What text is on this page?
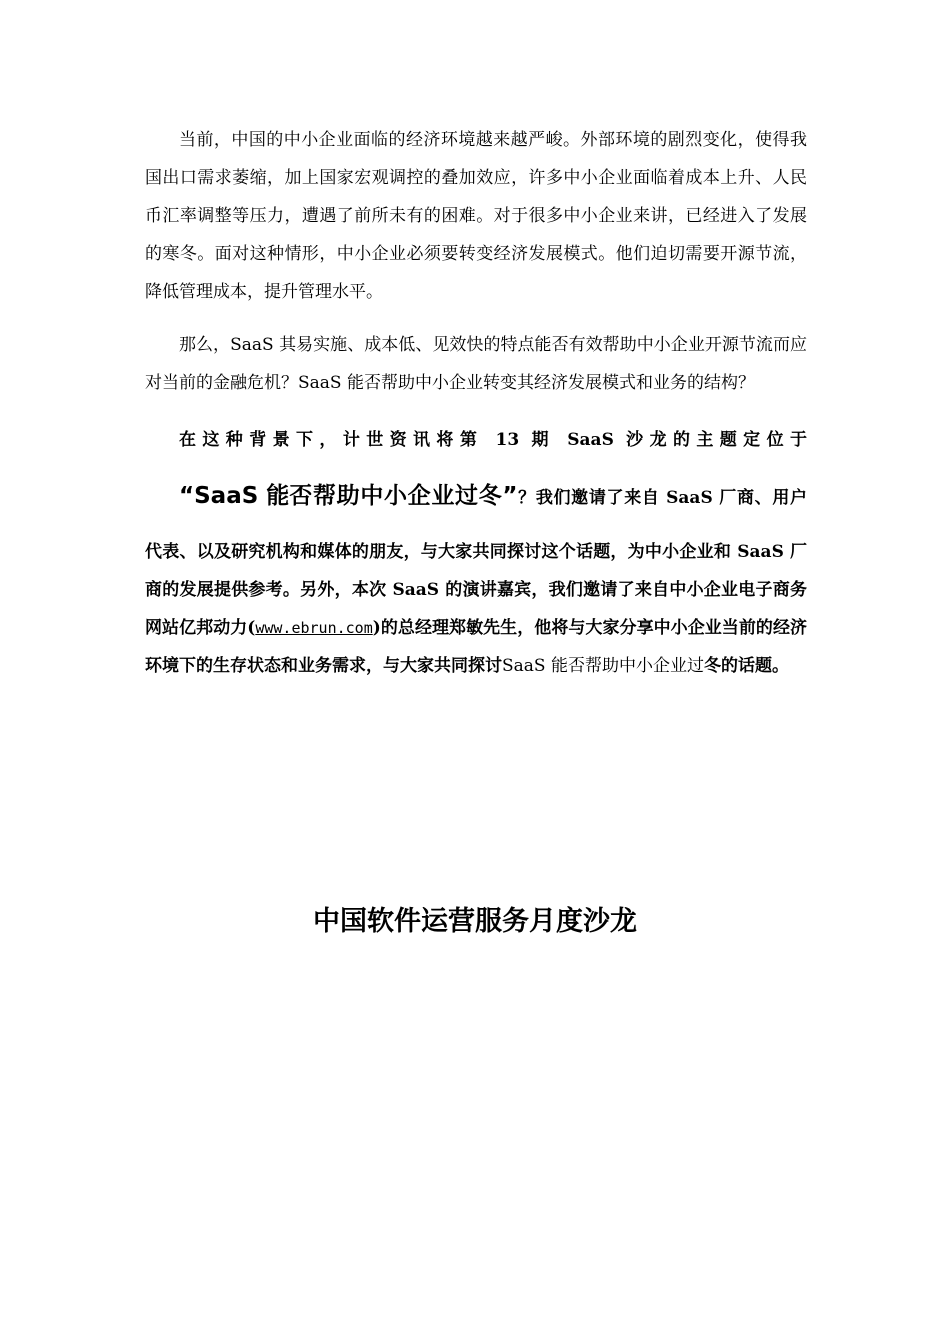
当前，中国的中小企业面临的经济环境越来越严峻。外部环境的剧烈变化，使得我国出口需求萎缩，加上国家宏观调控的叠加效应，许多中小企业面临着成本上升、人民币汇率调整等压力，遭遇了前所未有的困难。对于很多中小企业来讲，已经进入了发展的寒冬。面对这种情形，中小企业必须要转变经济发展模式。他们迫切需要开源节流，降低管理成本，提升管理水平。

那么，SaaS 其易实施、成本低、见效快的特点能否有效帮助中小企业开源节流而应对当前的金融危机？SaaS 能否帮助中小企业转变其经济发展模式和业务的结构？

在这种背景下，计世资讯将第 13 期 SaaS 沙龙的主题定位于“SaaS 能否帮助中小企业过冬”？我们邀请了来自 SaaS 厂商、用户代表、以及研究机构和媒体的朋友，与大家共同探讨这个话题，为中小企业和 SaaS 厂商的发展提供参考。另外，本次 SaaS 的演讲嘉宾，我们邀请了来自中小企业电子商务网站亿邦动力(www.ebrun.com)的总经理郑敏先生，他将与大家分享中小企业当前的经济环境下的生存状态和业务需求，与大家共同探讨SaaS 能否帮助中小企业过冬的话题。

中国软件运营服务月度沙龙
